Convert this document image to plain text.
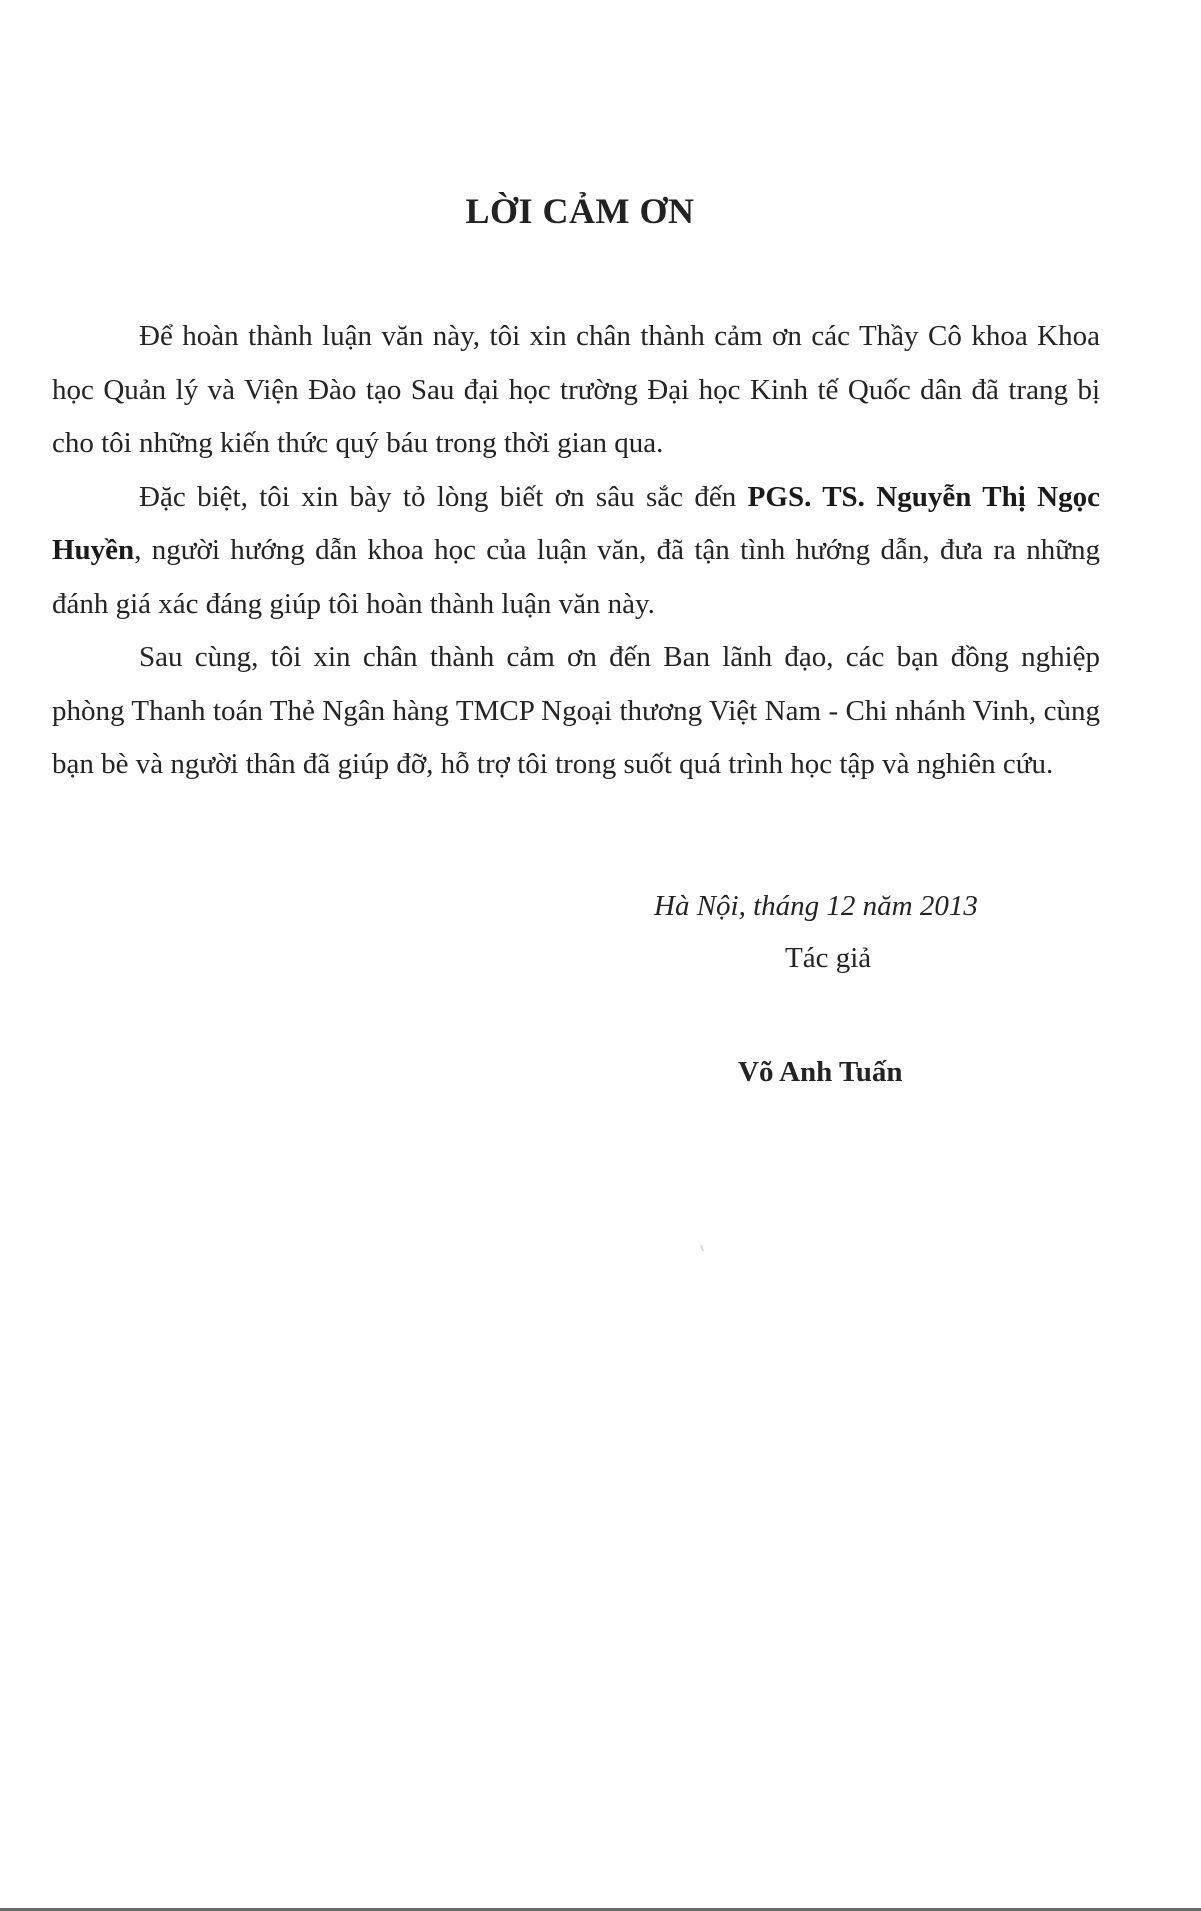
LỜI CẢM ƠN

Để hoàn thành luận văn này, tôi xin chân thành cảm ơn các Thầy Cô khoa Khoa học Quản lý và Viện Đào tạo Sau đại học trường Đại học Kinh tế Quốc dân đã trang bị cho tôi những kiến thức quý báu trong thời gian qua.

Đặc biệt, tôi xin bày tỏ lòng biết ơn sâu sắc đến PGS. TS. Nguyễn Thị Ngọc Huyền, người hướng dẫn khoa học của luận văn, đã tận tình hướng dẫn, đưa ra những đánh giá xác đáng giúp tôi hoàn thành luận văn này.

Sau cùng, tôi xin chân thành cảm ơn đến Ban lãnh đạo, các bạn đồng nghiệp phòng Thanh toán Thẻ Ngân hàng TMCP Ngoại thương Việt Nam - Chi nhánh Vinh, cùng bạn bè và người thân đã giúp đỡ, hỗ trợ tôi trong suốt quá trình học tập và nghiên cứu.

Hà Nội, tháng 12 năm 2013
Tác giả
Võ Anh Tuấn
